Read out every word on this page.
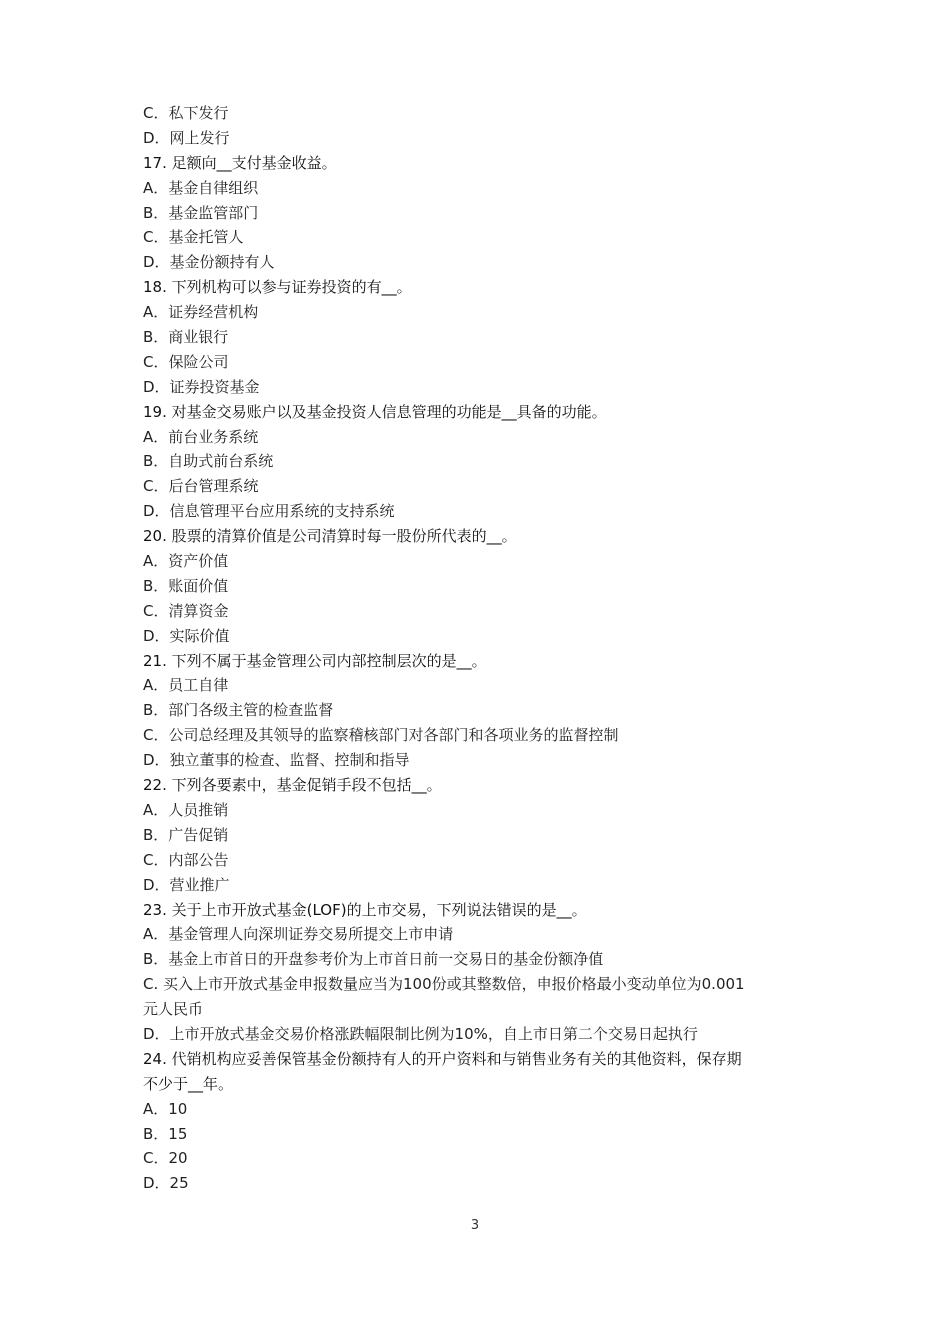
C．私下发行
D．网上发行
17. 足额向__支付基金收益。
A．基金自律组织
B．基金监管部门
C．基金托管人
D．基金份额持有人
18. 下列机构可以参与证券投资的有__。
A．证券经营机构
B．商业银行
C．保险公司
D．证券投资基金
19. 对基金交易账户以及基金投资人信息管理的功能是__具备的功能。
A．前台业务系统
B．自助式前台系统
C．后台管理系统
D．信息管理平台应用系统的支持系统
20. 股票的清算价值是公司清算时每一股份所代表的__。
A．资产价值
B．账面价值
C．清算资金
D．实际价值
21. 下列不属于基金管理公司内部控制层次的是__。
A．员工自律
B．部门各级主管的检查监督
C．公司总经理及其领导的监察稽核部门对各部门和各项业务的监督控制
D．独立董事的检查、监督、控制和指导
22. 下列各要素中，基金促销手段不包括__。
A．人员推销
B．广告促销
C．内部公告
D．营业推广
23. 关于上市开放式基金(LOF)的上市交易，下列说法错误的是__。
A．基金管理人向深圳证券交易所提交上市申请
B．基金上市首日的开盘参考价为上市首日前一交易日的基金份额净值
C. 买入上市开放式基金申报数量应当为100份或其整数倍，申报价格最小变动单位为0.001
元人民币
D．上市开放式基金交易价格涨跌幅限制比例为10%，自上市日第二个交易日起执行
24. 代销机构应妥善保管基金份额持有人的开户资料和与销售业务有关的其他资料，保存期
不少于__年。
A．10
B．15
C．20
D．25
3
